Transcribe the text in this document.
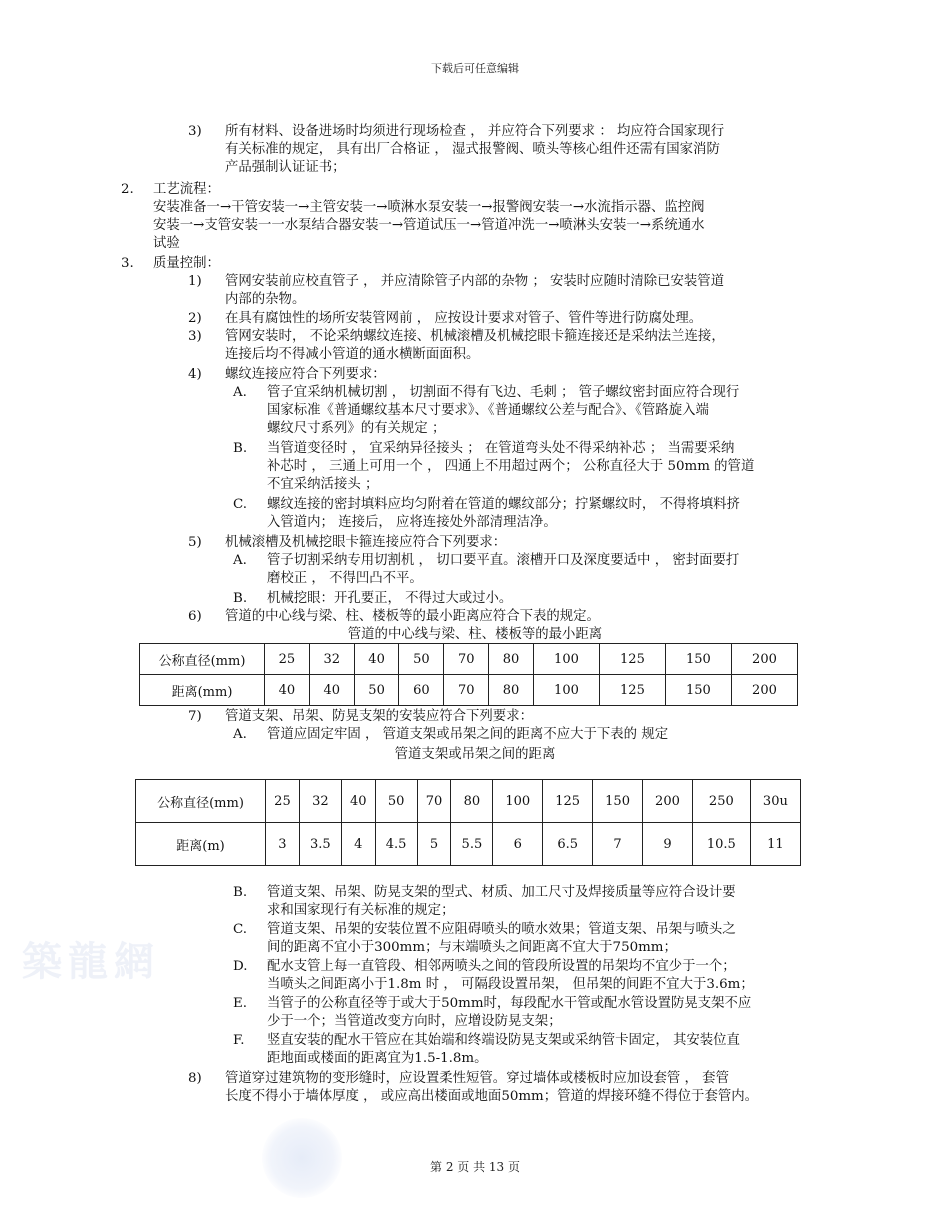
築龍網
下载后可任意编辑
3) 所有材料、设备进场时均须进行现场检查 ， 并应符合下列要求 ： 均应符合国家现行
有关标准的规定， 具有出厂合格证 ， 湿式报警阀、喷头等核心组件还需有国家消防
产品强制认证证书；
2. 工艺流程：
安装准备一→干管安装一→主管安装一→喷淋水泵安装一→报警阀安装一→水流指示器、监控阀
安装一→支管安装一一水泵结合器安装一→管道试压一→管道冲洗一→喷淋头安装一→系统通水
试验
3. 质量控制：
1) 管网安装前应校直管子 ， 并应清除管子内部的杂物 ； 安装时应随时清除已安装管道
内部的杂物。
2) 在具有腐蚀性的场所安装管网前 ， 应按设计要求对管子、管件等进行防腐处理。
3) 管网安装时， 不论采纳螺纹连接、机械滚槽及机械挖眼卡箍连接还是采纳法兰连接，
连接后均不得减小管道的通水横断面面积。
4) 螺纹连接应符合下列要求：
A. 管子宜采纳机械切割 ， 切割面不得有飞边、毛刺 ； 管子螺纹密封面应符合现行
国家标准《普通螺纹基本尺寸要求》、《普通螺纹公差与配合》、《管路旋入端
螺纹尺寸系列》的有关规定 ；
B. 当管道变径时 ， 宜采纳异径接头 ； 在管道弯头处不得采纳补芯 ； 当需要采纳
补芯时 ， 三通上可用一个 ， 四通上不用超过两个； 公称直径大于 50mm 的管道
不宜采纳活接头 ；
C. 螺纹连接的密封填料应均匀附着在管道的螺纹部分；拧紧螺纹时， 不得将填料挤
入管道内； 连接后， 应将连接处外部清理洁净。
5) 机械滚槽及机械挖眼卡箍连接应符合下列要求：
A. 管子切割采纳专用切割机 ， 切口要平直。滚槽开口及深度要适中 ， 密封面要打
磨校正 ， 不得凹凸不平。
B. 机械挖眼：开孔要正， 不得过大或过小。
6) 管道的中心线与梁、柱、楼板等的最小距离应符合下表的规定。
7) 管道支架、吊架、防晃支架的安装应符合下列要求：
A. 管道应固定牢固 ， 管道支架或吊架之间的距离不应大于下表的 规定
B. 管道支架、吊架、防晃支架的型式、材质、加工尺寸及焊接质量等应符合设计要
求和国家现行有关标准的规定；
C. 管道支架、吊架的安装位置不应阻碍喷头的喷水效果；管道支架、吊架与喷头之
间的距离不宜小于300mm；与末端喷头之间距离不宜大于750mm；
D. 配水支管上每一直管段、相邻两喷头之间的管段所设置的吊架均不宜少于一个；
当喷头之间距离小于1.8m 时 ， 可隔段设置吊架， 但吊架的间距不宜大于3.6m；
E. 当管子的公称直径等于或大于50mm时，每段配水干管或配水管设置防晃支架不应
少于一个；当管道改变方向时，应增设防晃支架；
F. 竖直安装的配水干管应在其始端和终端设防晃支架或采纳管卡固定， 其安装位直
距地面或楼面的距离宜为1.5-1.8m。
8) 管道穿过建筑物的变形缝时，应设置柔性短管。穿过墙体或楼板时应加设套管 ， 套管
长度不得小于墙体厚度 ， 或应高出楼面或地面50mm；管道的焊接环缝不得位于套管内。
管道的中心线与梁、柱、楼板等的最小距离
公称直径(mm)	25	32	40	50	70	80	100	125	150	200
距离(mm)	40	40	50	60	70	80	100	125	150	200
管道支架或吊架之间的距离
公称直径(mm)	25	32	40	50	70	80	100	125	150	200	250	30u
距离(m)	3	3.5	4	4.5	5	5.5	6	6.5	7	9	10.5	11
第 2 页 共 13 页
